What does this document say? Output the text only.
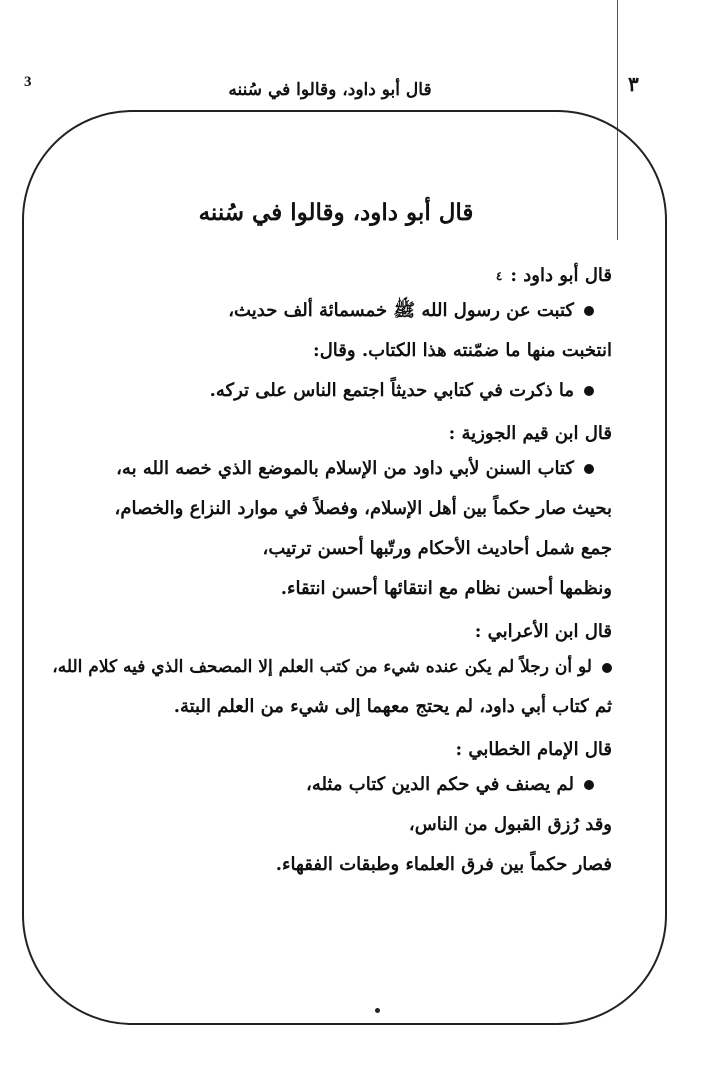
3	قال أبو داود، وقالوا في سُننه	٣
قال أبو داود، وقالوا في سُننه
قال أبو داود :٤
كتبت عن رسول الله ﷺ خمسمائة ألف حديث،
انتخبت منها ما ضمّنته هذا الكتاب. وقال:
ما ذكرت في كتابي حديثاً اجتمع الناس على تركه.
قال ابن قيم الجوزية :
كتاب السنن لأبي داود من الإسلام بالموضع الذي خصه الله به،
بحيث صار حكماً بين أهل الإسلام، وفصلاً في موارد النزاع والخصام،
جمع شمل أحاديث الأحكام ورتّبها أحسن ترتيب،
ونظمها أحسن نظام مع انتقائها أحسن انتقاء.
قال ابن الأعرابي :
لو أن رجلاً لم يكن عنده شيء من كتب العلم إلا المصحف الذي فيه كلام الله،
ثم كتاب أبي داود، لم يحتج معهما إلى شيء من العلم البتة.
قال الإمام الخطابي :
لم يصنف في حكم الدين كتاب مثله،
وقد رُزق القبول من الناس،
فصار حكماً بين فرق العلماء وطبقات الفقهاء.
